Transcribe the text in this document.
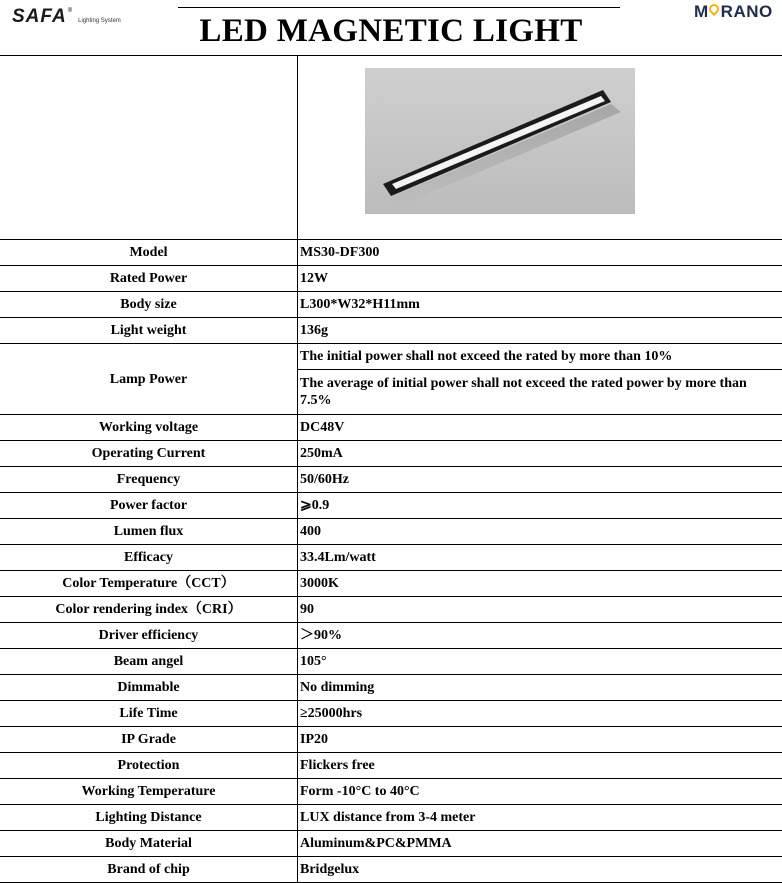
SAFA ®
Lighting System	LED MAGNETIC LIGHT
M RANO

Model	MS30-DF300
Rated Power	12W
Body size	L300*W32*H11mm
Light weight	136g
Lamp Power	The initial power shall not exceed the rated by more than 10%
	The average of initial power shall not exceed the rated power by more than 7.5%
Working voltage	DC48V
Operating Current	250mA
Frequency	50/60Hz
Power factor	⩾0.9
Lumen flux	400
Efficacy	33.4Lm/watt
Color Temperature（CCT）	3000K
Color rendering index（CRI）	90
Driver efficiency	＞90%
Beam angel	105°
Dimmable	No dimming
Life Time	≥25000hrs
IP Grade	IP20
Protection	Flickers free
Working Temperature	Form -10°C to 40°C
Lighting Distance	LUX distance from 3-4 meter
Body Material	Aluminum&PC&PMMA
Brand of chip	Bridgelux
